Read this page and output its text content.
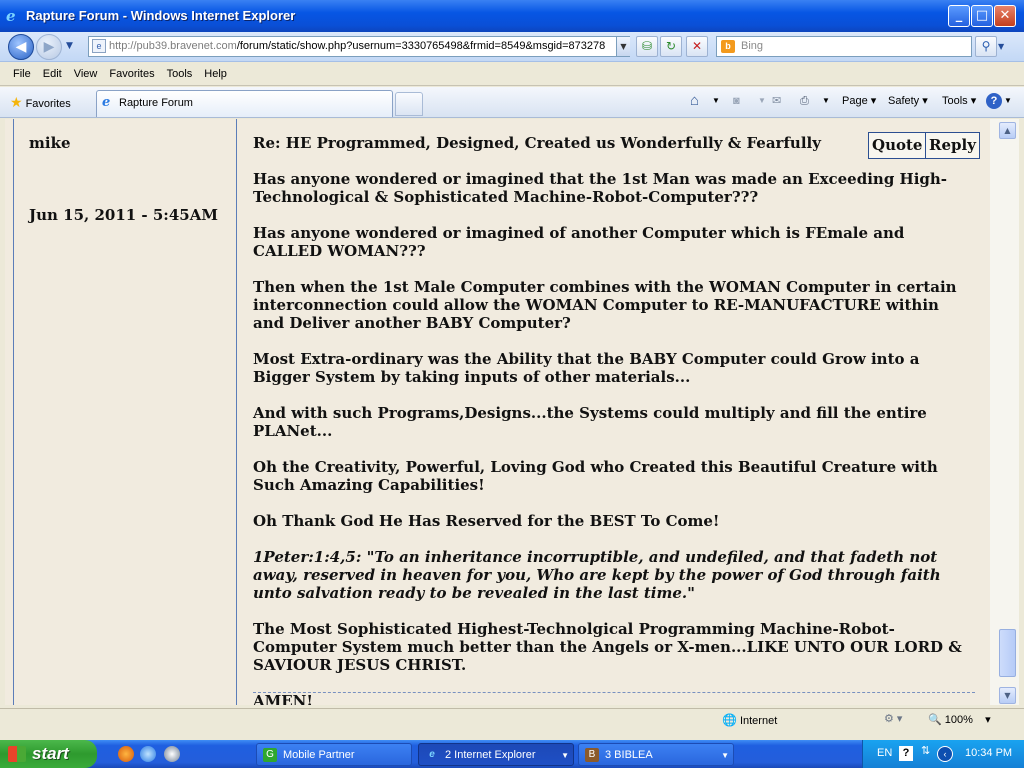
e Rapture Forum - Windows Internet Explorer	_	□ ✕
◀	▶	▼	e http://pub39.bravenet.com/forum/static/show.php?usernum=3330765498&frmid=8549&msgid=873278	▼	⛁	↻	✕	b Bing	⚲ ▼
File Edit View Favorites Tools Help
★ Favorites e Rapture Forum	⌂ ▼ ◙ ▼ ✉ ⎙ ▼ Page ▾ Safety ▾ Tools ▾	? ▼
mike
Jun 15, 2011 - 5:45AM
Re: HE Programmed, Designed, Created us Wonderfully & Fearfully	Quote Reply

Has anyone wondered or imagined that the 1st Man was made an Exceeding High-Technological & Sophisticated Machine-Robot-Computer???

Has anyone wondered or imagined of another Computer which is FEmale and CALLED WOMAN???

Then when the 1st Male Computer combines with the WOMAN Computer in certain interconnection could allow the WOMAN Computer to RE-MANUFACTURE within and Deliver another BABY Computer?

Most Extra-ordinary was the Ability that the BABY Computer could Grow into a Bigger System by taking inputs of other materials...

And with such Programs,Designs...the Systems could multiply and fill the entire PLANet...

Oh the Creativity, Powerful, Loving God who Created this Beautiful Creature with Such Amazing Capabilities!

Oh Thank God He Has Reserved for the BEST To Come!

1Peter:1:4,5: "To an inheritance incorruptible, and undefiled, and that fadeth not away, reserved in heaven for you, Who are kept by the power of God through faith unto salvation ready to be revealed in the last time."

The Most Sophisticated Highest-Technolgical Programming Machine-Robot-Computer System much better than the Angels or X-men...LIKE UNTO OUR LORD & SAVIOUR JESUS CHRIST.

AMEN!

▲
▼
🌐 Internet	⚙ ▾ 🔍 100%    ▾
start	G Mobile Partner	e 2 Internet Explorer	▼	B 3 BIBLEA	▼	EN ?	⇅	‹	10:34 PM
